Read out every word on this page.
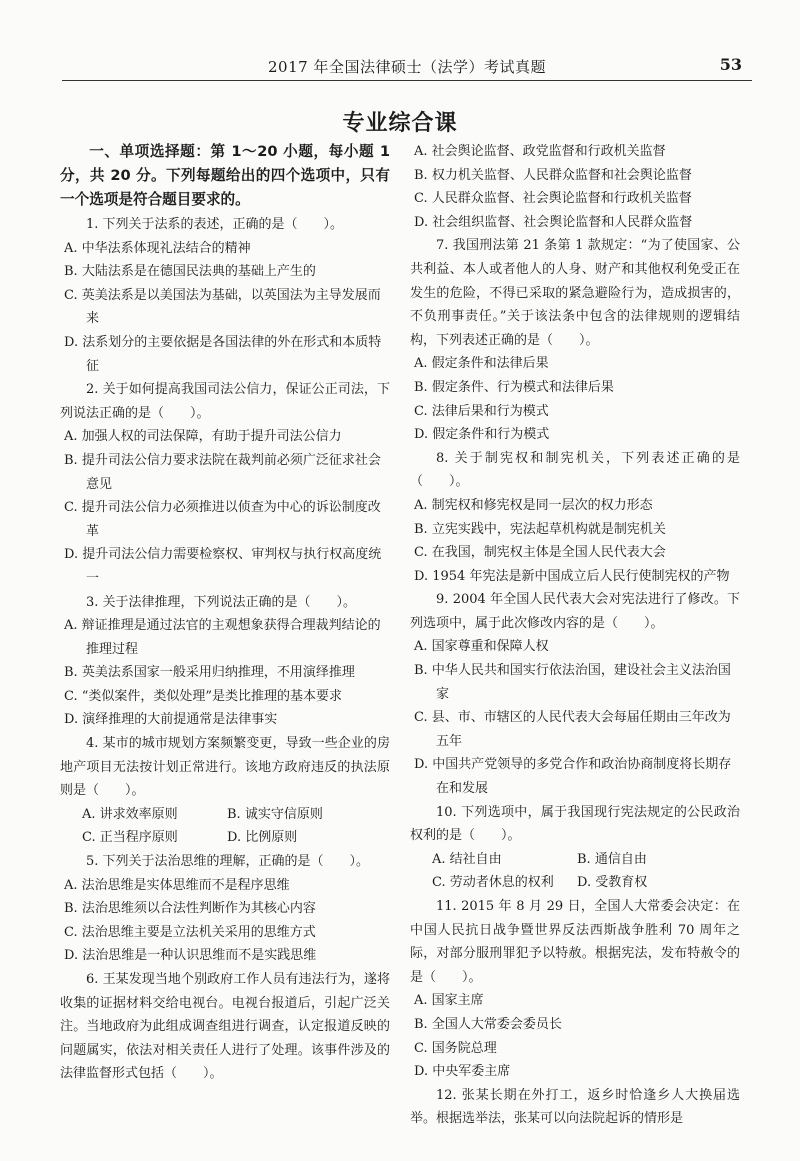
2017 年全国法律硕士（法学）考试真题	53
专业综合课
一、单项选择题：第 1～20 小题，每小题 1 分，共 20 分。下列每题给出的四个选项中，只有一个选项是符合题目要求的。
1. 下列关于法系的表述，正确的是（　　）。
A. 中华法系体现礼法结合的精神
B. 大陆法系是在德国民法典的基础上产生的
C. 英美法系是以美国法为基础，以英国法为主导发展而来
D. 法系划分的主要依据是各国法律的外在形式和本质特征
2. 关于如何提高我国司法公信力，保证公正司法，下列说法正确的是（　　）。
A. 加强人权的司法保障，有助于提升司法公信力
B. 提升司法公信力要求法院在裁判前必须广泛征求社会意见
C. 提升司法公信力必须推进以侦查为中心的诉讼制度改革
D. 提升司法公信力需要检察权、审判权与执行权高度统一
3. 关于法律推理，下列说法正确的是（　　）。
A. 辩证推理是通过法官的主观想象获得合理裁判结论的推理过程
B. 英美法系国家一般采用归纳推理，不用演绎推理
C. “类似案件，类似处理”是类比推理的基本要求
D. 演绎推理的大前提通常是法律事实
4. 某市的城市规划方案频繁变更，导致一些企业的房地产项目无法按计划正常进行。该地方政府违反的执法原则是（　　）。
A. 讲求效率原则	B. 诚实守信原则
C. 正当程序原则	D. 比例原则
5. 下列关于法治思维的理解，正确的是（　　）。
A. 法治思维是实体思维而不是程序思维
B. 法治思维须以合法性判断作为其核心内容
C. 法治思维主要是立法机关采用的思维方式
D. 法治思维是一种认识思维而不是实践思维
6. 王某发现当地个别政府工作人员有违法行为，遂将收集的证据材料交给电视台。电视台报道后，引起广泛关注。当地政府为此组成调查组进行调查，认定报道反映的问题属实，依法对相关责任人进行了处理。该事件涉及的法律监督形式包括（　　）。
A. 社会舆论监督、政党监督和行政机关监督
B. 权力机关监督、人民群众监督和社会舆论监督
C. 人民群众监督、社会舆论监督和行政机关监督
D. 社会组织监督、社会舆论监督和人民群众监督
7. 我国刑法第 21 条第 1 款规定：“为了使国家、公共利益、本人或者他人的人身、财产和其他权利免受正在发生的危险，不得已采取的紧急避险行为，造成损害的，不负刑事责任。”关于该法条中包含的法律规则的逻辑结构，下列表述正确的是（　　）。
A. 假定条件和法律后果
B. 假定条件、行为模式和法律后果
C. 法律后果和行为模式
D. 假定条件和行为模式
8. 关于制宪权和制宪机关，下列表述正确的是（　　）。
A. 制宪权和修宪权是同一层次的权力形态
B. 立宪实践中，宪法起草机构就是制宪机关
C. 在我国，制宪权主体是全国人民代表大会
D. 1954 年宪法是新中国成立后人民行使制宪权的产物
9. 2004 年全国人民代表大会对宪法进行了修改。下列选项中，属于此次修改内容的是（　　）。
A. 国家尊重和保障人权
B. 中华人民共和国实行依法治国，建设社会主义法治国家
C. 县、市、市辖区的人民代表大会每届任期由三年改为五年
D. 中国共产党领导的多党合作和政治协商制度将长期存在和发展
10. 下列选项中，属于我国现行宪法规定的公民政治权利的是（　　）。
A. 结社自由	B. 通信自由
C. 劳动者休息的权利	D. 受教育权
11. 2015 年 8 月 29 日，全国人大常委会决定：在中国人民抗日战争暨世界反法西斯战争胜利 70 周年之际，对部分服刑罪犯予以特赦。根据宪法，发布特赦令的是（　　）。
A. 国家主席
B. 全国人大常委会委员长
C. 国务院总理
D. 中央军委主席
12. 张某长期在外打工，返乡时恰逢乡人大换届选举。根据选举法，张某可以向法院起诉的情形是
